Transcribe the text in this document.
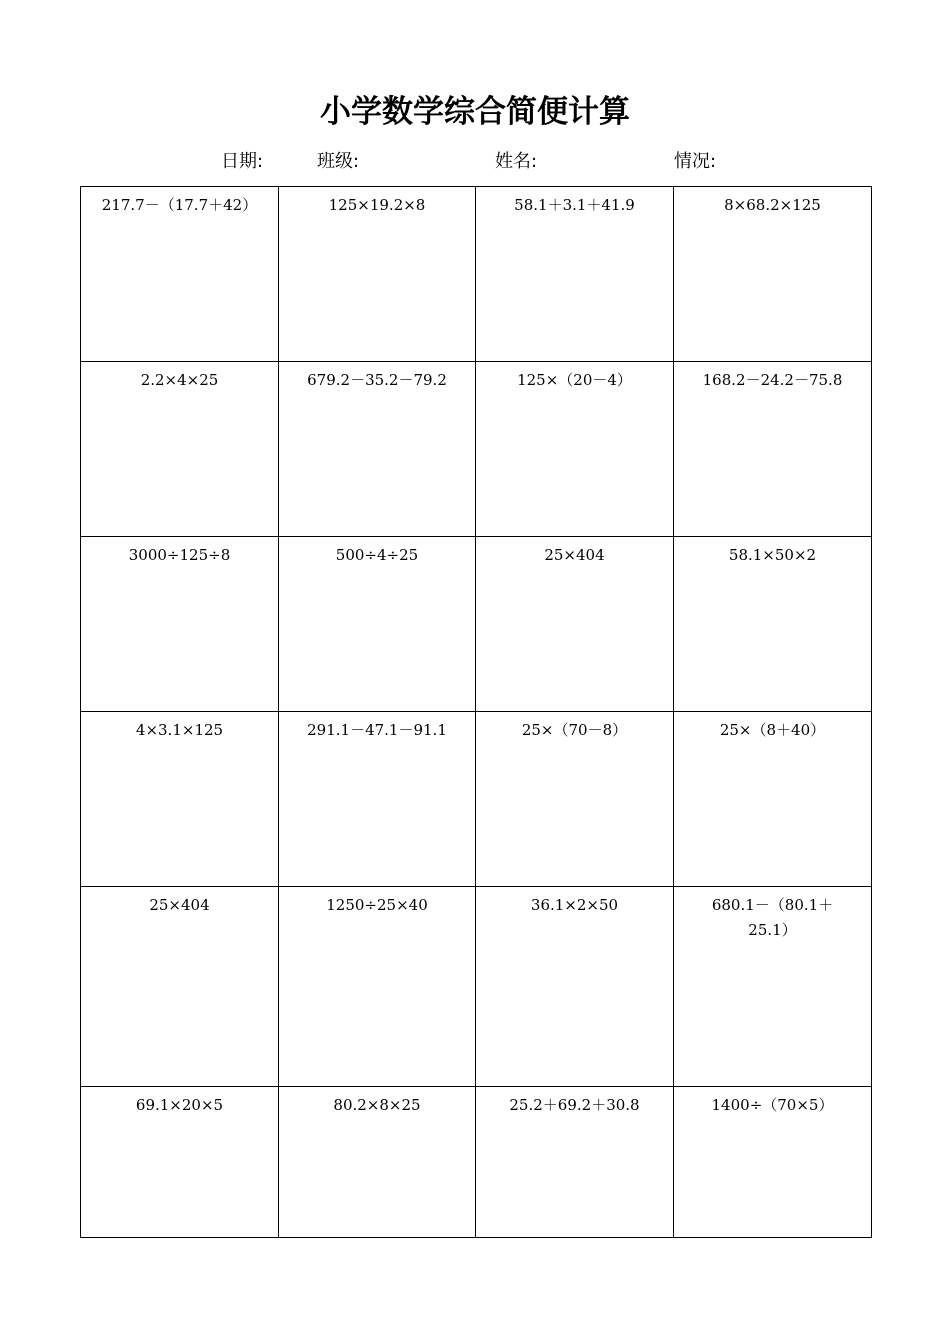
小学数学综合简便计算
日期:	班级:	姓名:	情况:
217.7－（17.7＋42）	125×19.2×8	58.1＋3.1＋41.9	8×68.2×125

2.2×4×25	679.2－35.2－79.2	125×（20－4）	168.2－24.2－75.8

3000÷125÷8	500÷4÷25	25×404	58.1×50×2

4×3.1×125	291.1－47.1－91.1	25×（70－8）	25×（8＋40）

25×404	1250÷25×40	36.1×2×50	680.1－（80.1＋25.1）

69.1×20×5	80.2×8×25	25.2＋69.2＋30.8	1400÷（70×5）
